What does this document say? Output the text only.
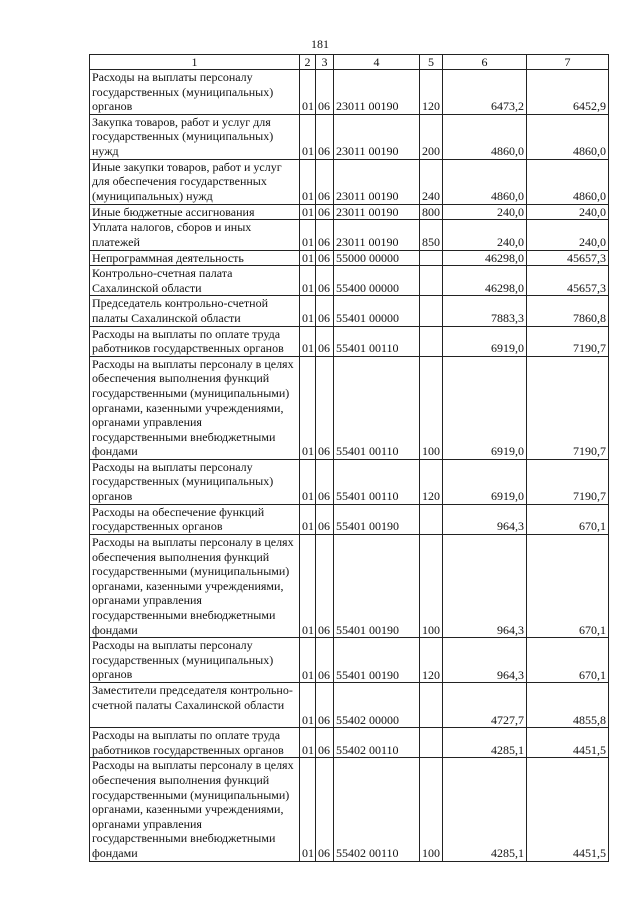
181
1	2	3	4	5	6	7
Расходы на выплаты персоналу государственных (муниципальных) органов	01	06	23011 00190	120	6473,2	6452,9
Закупка товаров, работ и услуг для государственных (муниципальных) нужд	01	06	23011 00190	200	4860,0	4860,0
Иные закупки товаров, работ и услуг для обеспечения государственных (муниципальных) нужд	01	06	23011 00190	240	4860,0	4860,0
Иные бюджетные ассигнования	01	06	23011 00190	800	240,0	240,0
Уплата налогов, сборов и иных платежей	01	06	23011 00190	850	240,0	240,0
Непрограммная деятельность	01	06	55000 00000		46298,0	45657,3
Контрольно-счетная палата Сахалинской области	01	06	55400 00000		46298,0	45657,3
Председатель контрольно-счетной палаты Сахалинской области	01	06	55401 00000		7883,3	7860,8
Расходы на выплаты по оплате труда работников государственных органов	01	06	55401 00110		6919,0	7190,7
Расходы на выплаты персоналу в целях обеспечения выполнения функций государственными (муниципальными) органами, казенными учреждениями, органами управления государственными внебюджетными фондами	01	06	55401 00110	100	6919,0	7190,7
Расходы на выплаты персоналу государственных (муниципальных) органов	01	06	55401 00110	120	6919,0	7190,7
Расходы на обеспечение функций государственных органов	01	06	55401 00190		964,3	670,1
Расходы на выплаты персоналу в целях обеспечения выполнения функций государственными (муниципальными) органами, казенными учреждениями, органами управления государственными внебюджетными фондами	01	06	55401 00190	100	964,3	670,1
Расходы на выплаты персоналу государственных (муниципальных) органов	01	06	55401 00190	120	964,3	670,1
Заместители председателя контрольно-счетной палаты Сахалинской области	01	06	55402 00000		4727,7	4855,8
Расходы на выплаты по оплате труда работников государственных органов	01	06	55402 00110		4285,1	4451,5
Расходы на выплаты персоналу в целях обеспечения выполнения функций государственными (муниципальными) органами, казенными учреждениями, органами управления государственными внебюджетными фондами	01	06	55402 00110	100	4285,1	4451,5
